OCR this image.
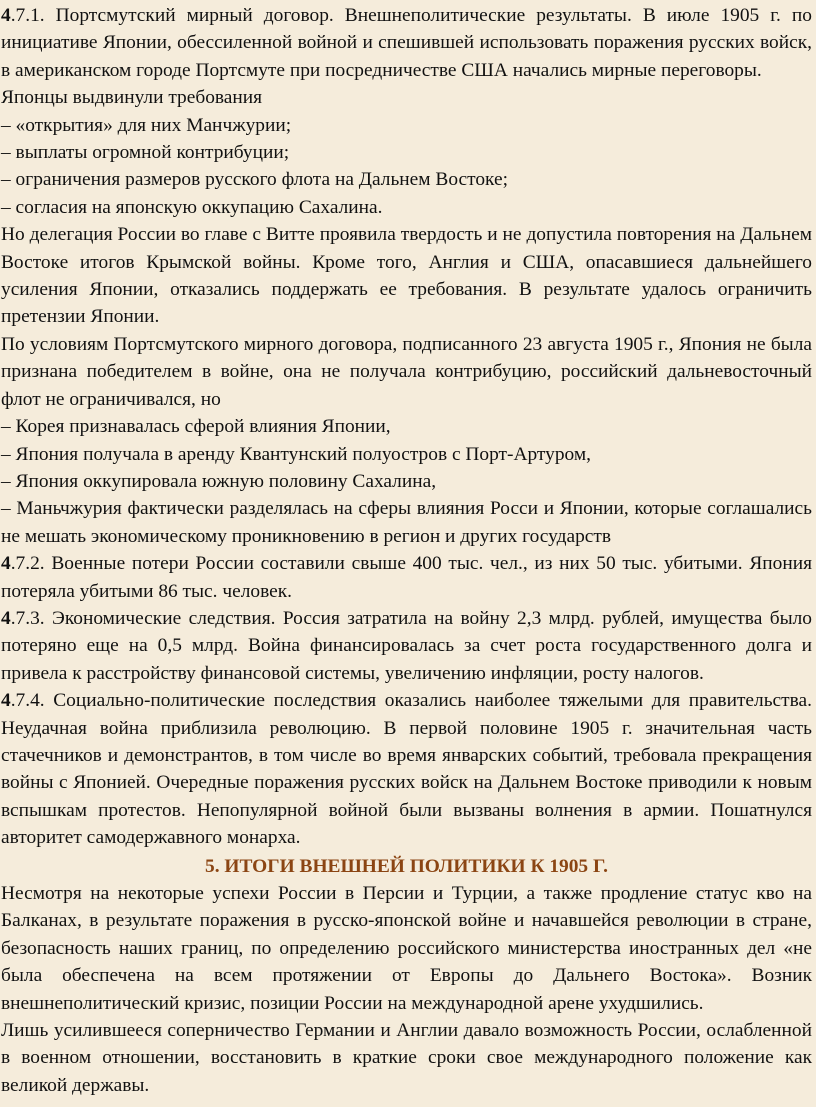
4.7.1. Портсмутский мирный договор. Внешнеполитические результаты. В июле 1905 г. по инициативе Японии, обессиленной войной и спешившей использовать поражения русских войск, в американском городе Портсмуте при посредничестве США начались мирные переговоры.

Японцы выдвинули требования

– «открытия» для них Манчжурии;

– выплаты огромной контрибуции;

– ограничения размеров русского флота на Дальнем Востоке;

– согласия на японскую оккупацию Сахалина.

Но делегация России во главе с Витте проявила твердость и не допустила повторения на Дальнем Востоке итогов Крымской войны. Кроме того, Англия и США, опасавшиеся дальнейшего усиления Японии, отказались поддержать ее требования. В результате удалось ограничить претензии Японии.

По условиям Портсмутского мирного договора, подписанного 23 августа 1905 г., Япония не была признана победителем в войне, она не получала контрибуцию, российский дальневосточный флот не ограничивался, но

– Корея признавалась сферой влияния Японии,

– Япония получала в аренду Квантунский полуостров с Порт-Артуром,

– Япония оккупировала южную половину Сахалина,

– Маньчжурия фактически разделялась на сферы влияния Росси и Японии, которые соглашались не мешать экономическому проникновению в регион и других государств

4.7.2. Военные потери России составили свыше 400 тыс. чел., из них 50 тыс. убитыми. Япония потеряла убитыми 86 тыс. человек.

4.7.3. Экономические следствия. Россия затратила на войну 2,3 млрд. рублей, имущества было потеряно еще на 0,5 млрд. Война финансировалась за счет роста государственного долга и привела к расстройству финансовой системы, увеличению инфляции, росту налогов.

4.7.4. Социально-политические последствия оказались наиболее тяжелыми для правительства. Неудачная война приблизила революцию. В первой половине 1905 г. значительная часть стачечников и демонстрантов, в том числе во время январских событий, требовала прекращения войны с Японией. Очередные поражения русских войск на Дальнем Востоке приводили к новым вспышкам протестов. Непопулярной войной были вызваны волнения в армии. Пошатнулся авторитет самодержавного монарха.

5. ИТОГИ ВНЕШНЕЙ ПОЛИТИКИ К 1905 Г.

Несмотря на некоторые успехи России в Персии и Турции, а также продление статус кво на Балканах, в результате поражения в русско-японской войне и начавшейся революции в стране, безопасность наших границ, по определению российского министерства иностранных дел «не была обеспечена на всем протяжении от Европы до Дальнего Востока». Возник внешнеполитический кризис, позиции России на международной арене ухудшились.

Лишь усилившееся соперничество Германии и Англии давало возможность России, ослабленной в военном отношении, восстановить в краткие сроки свое международного положение как великой державы.
